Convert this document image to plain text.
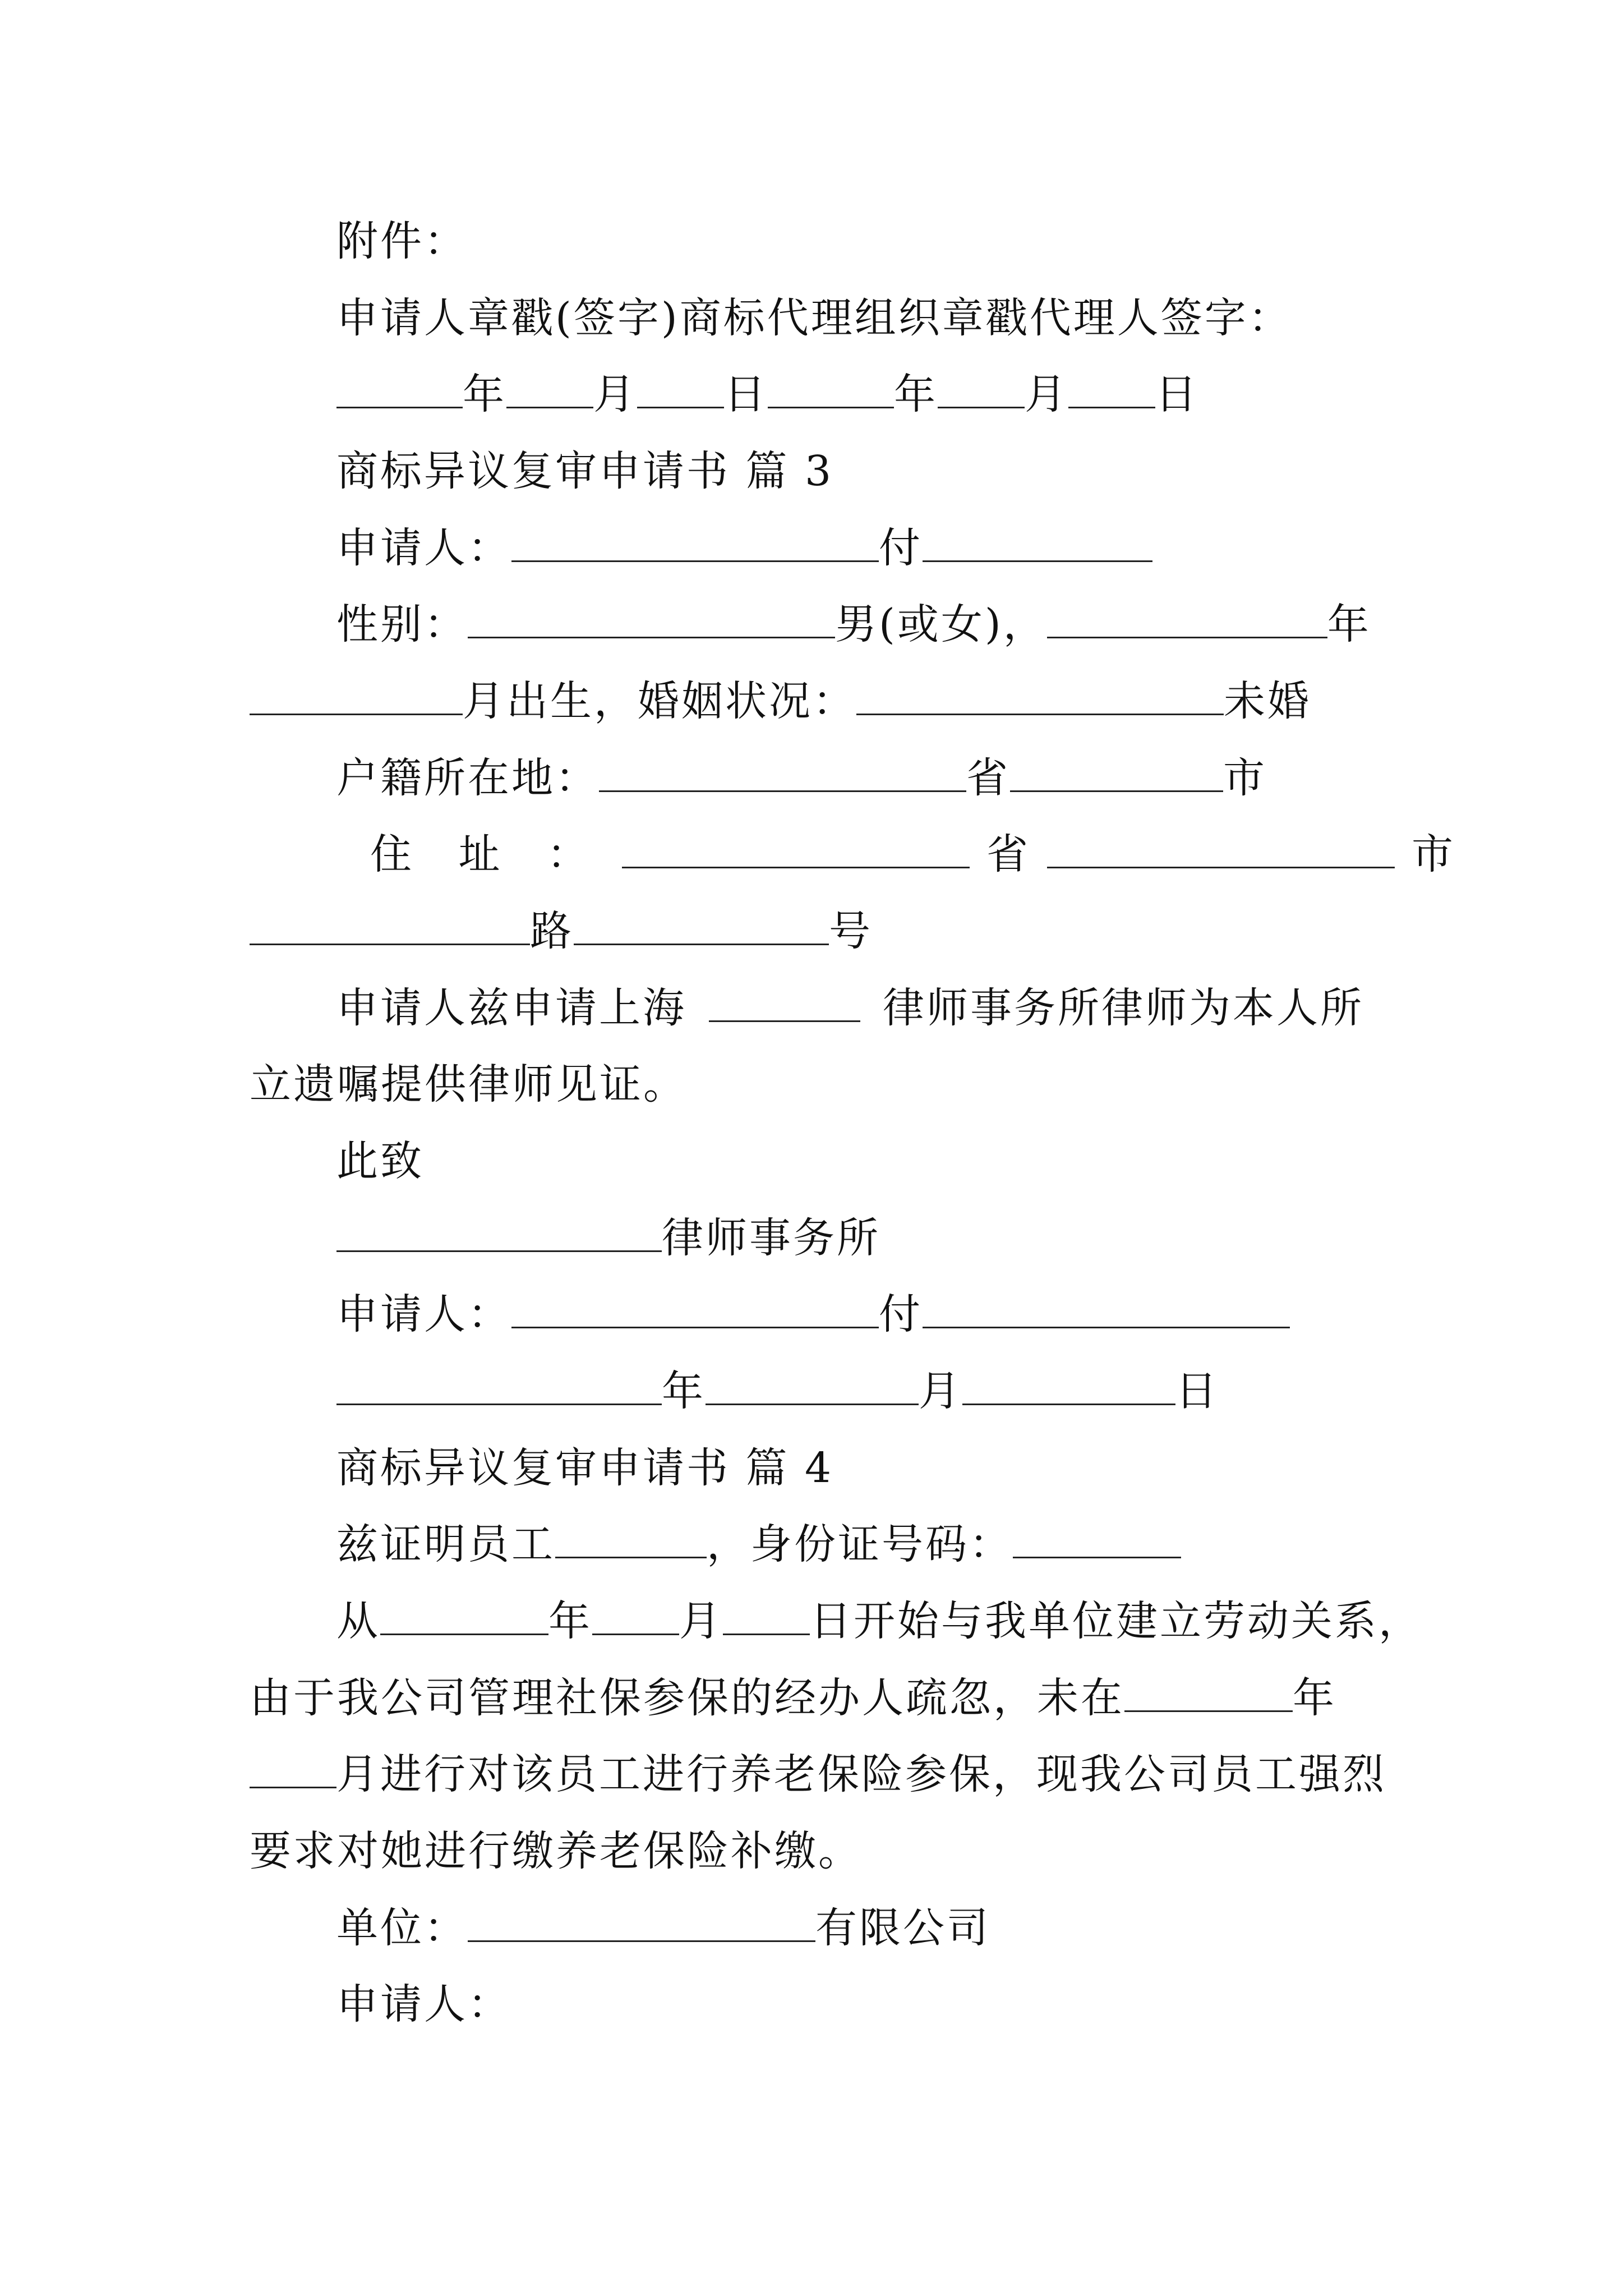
附件：
申请人章戳(签字)商标代理组织章戳代理人签字：
年 月 日	年 月 日
商标异议复审申请书 篇 3
申请人：	付
性别：	男(或女)，	年
月出生，婚姻状况：	未婚
户籍所在地：	省	市
住 址 ：	省	市
路	号
申请人兹申请上海	律师事务所律师为本人所
立遗嘱提供律师见证。
此致
律师事务所
申请人：	付
年	月	日
商标异议复审申请书 篇 4
兹证明员工	，身份证号码：
从	年 月 日开始与我单位建立劳动关系，
由于我公司管理社保参保的经办人疏忽，未在	年
月进行对该员工进行养老保险参保，现我公司员工强烈
要求对她进行缴养老保险补缴。
单位：	有限公司
申请人：
